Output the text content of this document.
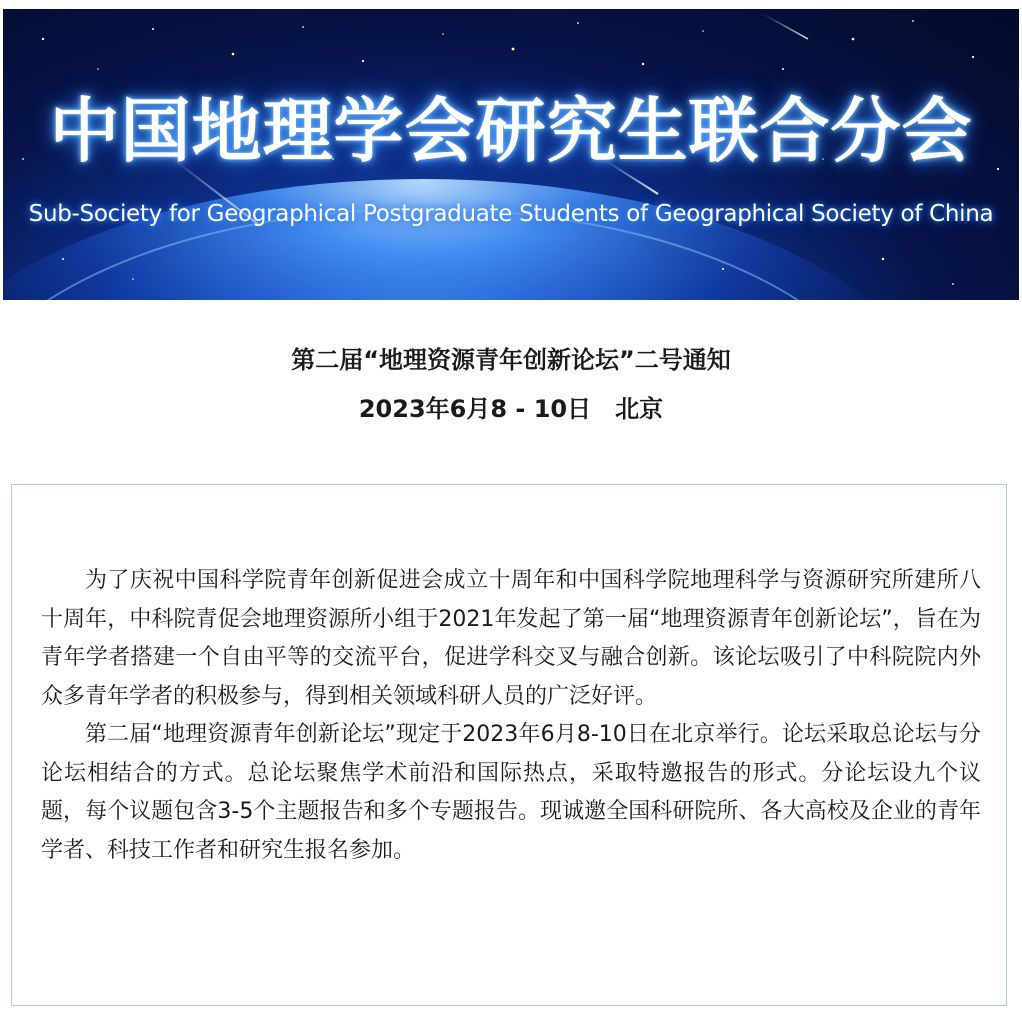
中国地理学会研究生联合分会
Sub-Society for Geographical Postgraduate Students of Geographical Society of China
第二届“地理资源青年创新论坛”二号通知
2023年6月8 - 10日　北京

为了庆祝中国科学院青年创新促进会成立十周年和中国科学院地理科学与资源研究所建所八十周年，中科院青促会地理资源所小组于2021年发起了第一届“地理资源青年创新论坛”，旨在为青年学者搭建一个自由平等的交流平台，促进学科交叉与融合创新。该论坛吸引了中科院院内外众多青年学者的积极参与，得到相关领域科研人员的广泛好评。

第二届“地理资源青年创新论坛”现定于2023年6月8-10日在北京举行。论坛采取总论坛与分论坛相结合的方式。总论坛聚焦学术前沿和国际热点，采取特邀报告的形式。分论坛设九个议题，每个议题包含3-5个主题报告和多个专题报告。现诚邀全国科研院所、各大高校及企业的青年学者、科技工作者和研究生报名参加。
